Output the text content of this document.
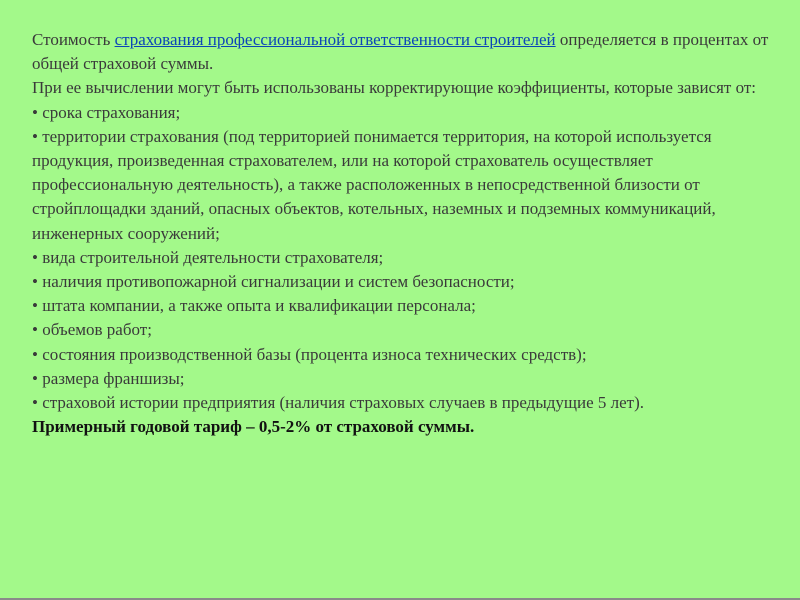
Стоимость страхования профессиональной ответственности строителей определяется в процентах от общей страховой суммы.

При ее вычислении могут быть использованы корректирующие коэффициенты, которые зависят от:

• срока страхования;

• территории страхования (под территорией понимается территория, на которой используется продукция, произведенная страхователем, или на которой страхователь осуществляет профессиональную деятельность), а также расположенных в непосредственной близости от стройплощадки зданий, опасных объектов, котельных, наземных и подземных коммуникаций, инженерных сооружений;

• вида строительной деятельности страхователя;

• наличия противопожарной сигнализации и систем безопасности;

• штата компании, а также опыта и квалификации персонала;

• объемов работ;

• состояния производственной базы (процента износа технических средств);

• размера франшизы;

• страховой истории предприятия (наличия страховых случаев в предыдущие 5 лет).

Примерный годовой тариф – 0,5-2% от страховой суммы.
